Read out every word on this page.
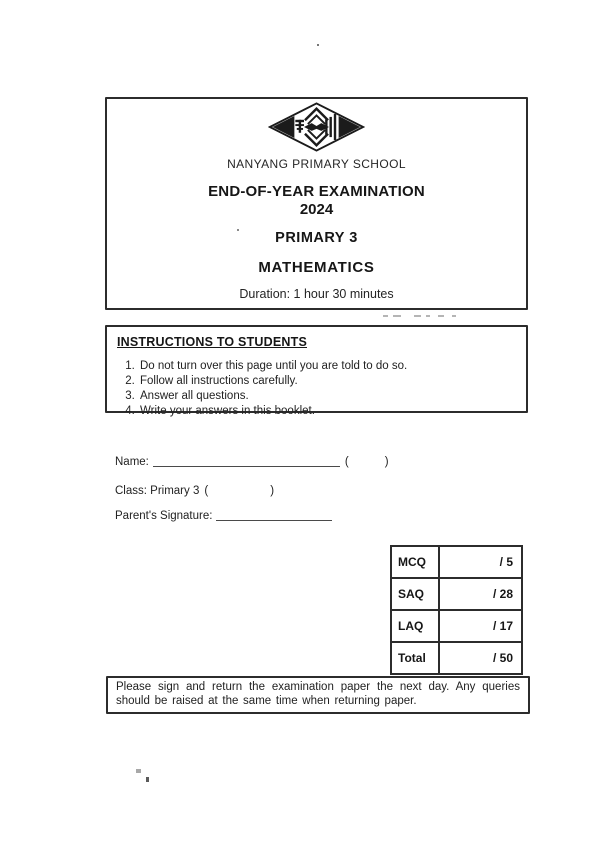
NANYANG PRIMARY SCHOOL
END-OF-YEAR EXAMINATION
2024
PRIMARY 3
MATHEMATICS
Duration: 1 hour 30 minutes
INSTRUCTIONS TO STUDENTS
1. Do not turn over this page until you are told to do so.
2. Follow all instructions carefully.
3. Answer all questions.
4. Write your answers in this booklet.
Name:	(	)
Class: Primary 3 (	)
Parent's Signature:
MCQ	/ 5
SAQ	/ 28
LAQ	/ 17
Total	/ 50
Please sign and return the examination paper the next day. Any queries should be raised at the same time when returning paper.
